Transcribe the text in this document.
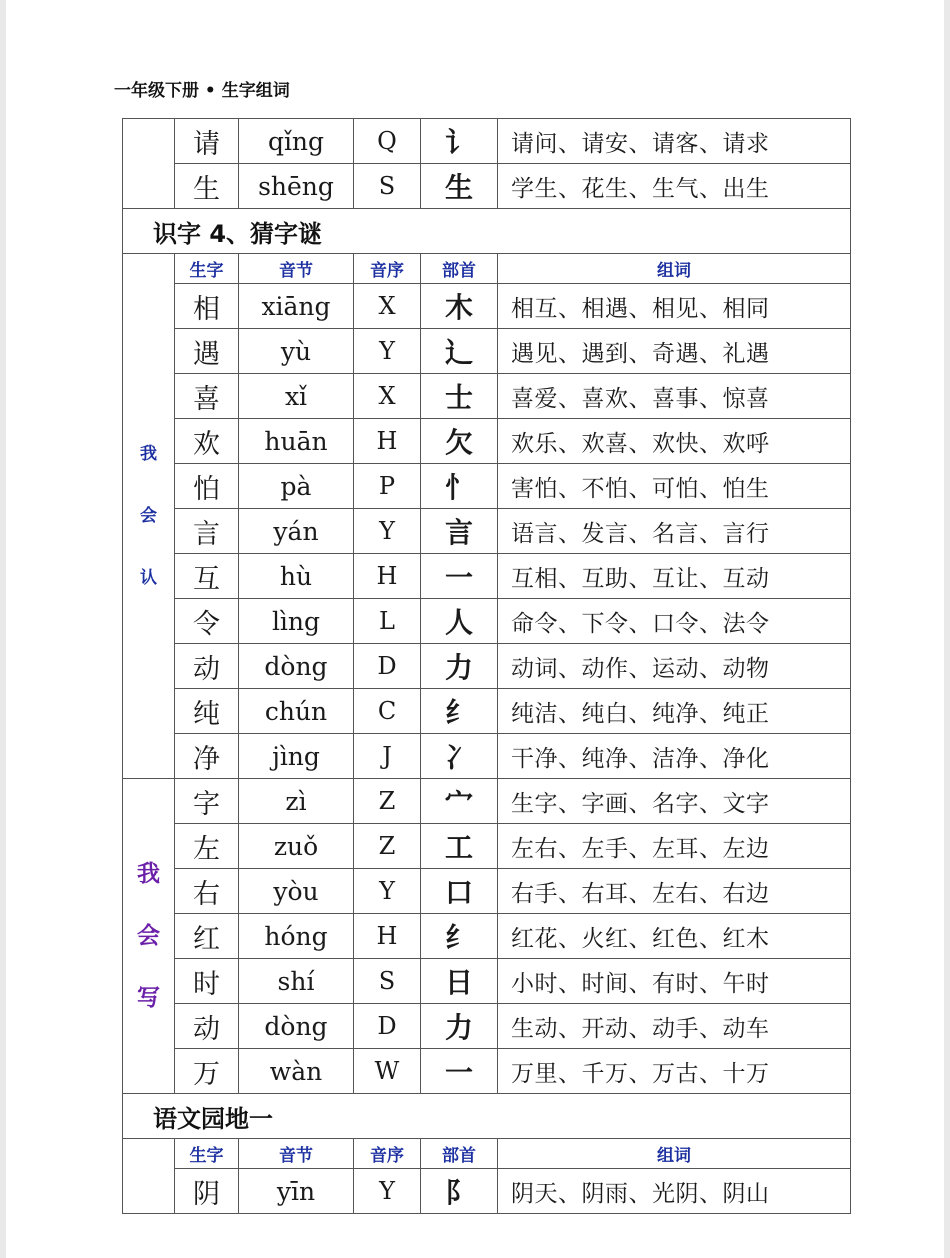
一年级下册 • 生字组词
	请	qǐng	Q	讠	请问、请安、请客、请求
	生	shēng	S	生	学生、花生、生气、出生
识字 4、猜字谜					

我
会
认	生字	音节	音序	部首	组词
	相	xiāng	X	木	相互、相遇、相见、相同
	遇	yù	Y	辶	遇见、遇到、奇遇、礼遇
	喜	xǐ	X	士	喜爱、喜欢、喜事、惊喜
	欢	huān	H	欠	欢乐、欢喜、欢快、欢呼
	怕	pà	P	忄	害怕、不怕、可怕、怕生
	言	yán	Y	言	语言、发言、名言、言行
	互	hù	H	一	互相、互助、互让、互动
	令	lìng	L	人	命令、下令、口令、法令
	动	dòng	D	力	动词、动作、运动、动物
	纯	chún	C	纟	纯洁、纯白、纯净、纯正
	净	jìng	J	冫	干净、纯净、洁净、净化

我
会
写	字	zì	Z	宀	生字、字画、名字、文字
	左	zuǒ	Z	工	左右、左手、左耳、左边
	右	yòu	Y	口	右手、右耳、左右、右边
	红	hóng	H	纟	红花、火红、红色、红木
	时	shí	S	日	小时、时间、有时、午时
	动	dòng	D	力	生动、开动、动手、动车
	万	wàn	W	一	万里、千万、万古、十万
语文园地一					
	生字	音节	音序	部首	组词
	阴	yīn	Y	阝	阴天、阴雨、光阴、阴山
